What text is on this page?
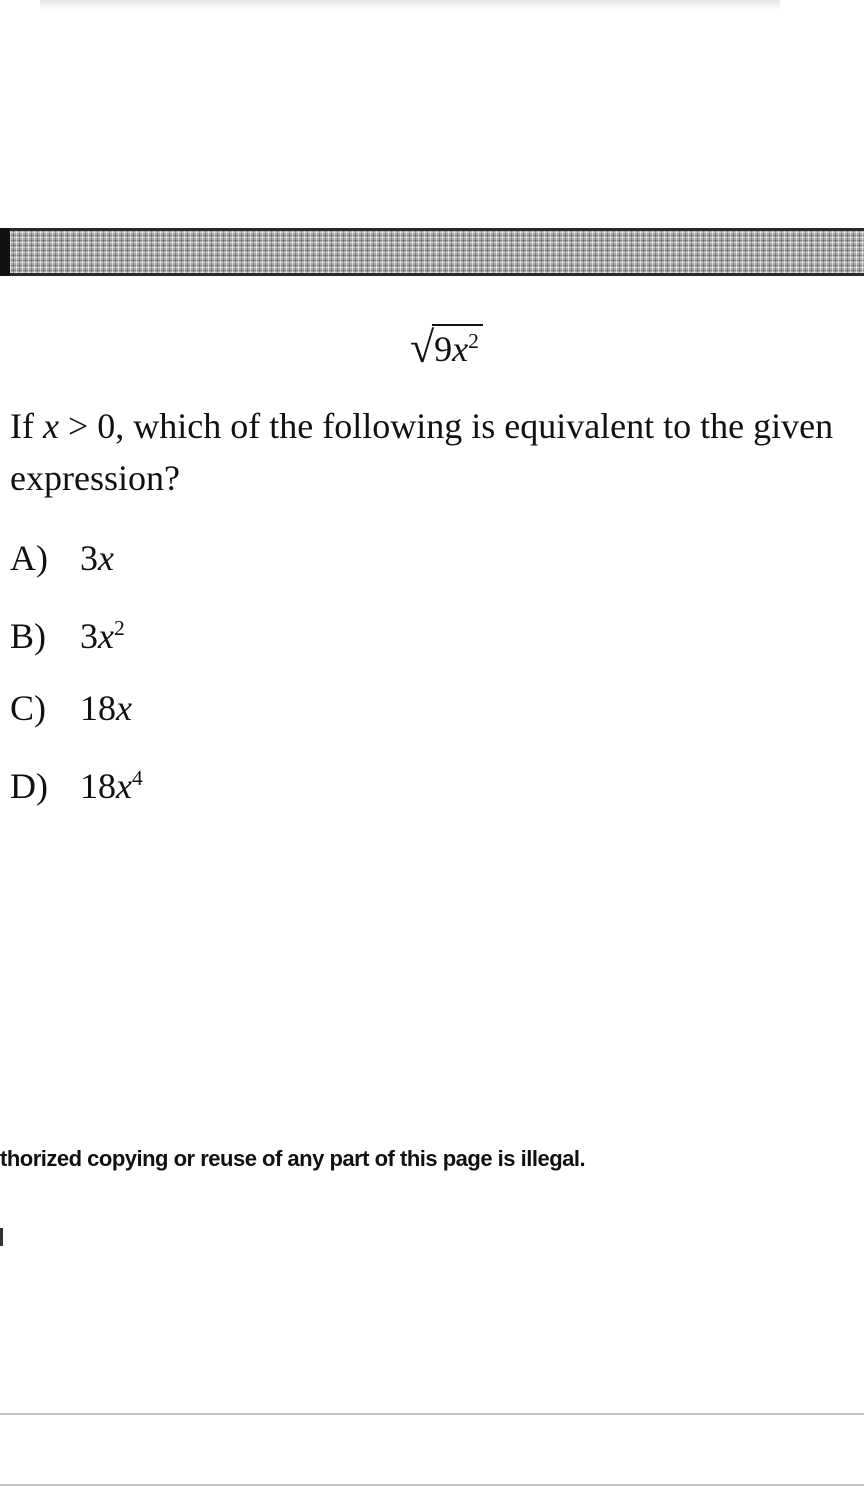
√ $9x^2$
If x > 0, which of the following is equivalent to the given expression?
A) 3x
B) $3x^2$
C) 18x
D) $18x^4$
thorized copying or reuse of any part of this page is illegal.
